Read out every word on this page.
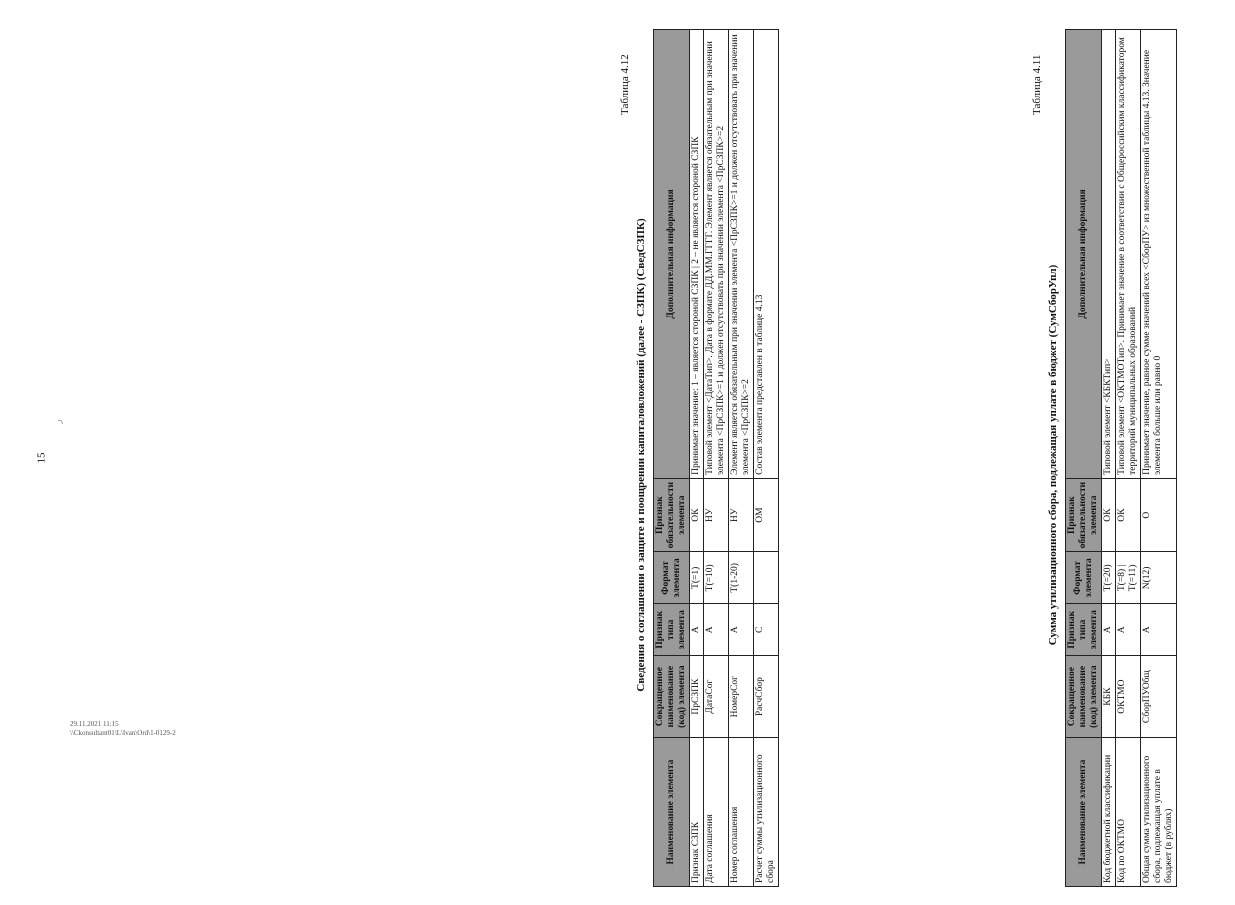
15
ر
29.11.2021 11:15
\\Ckonsultant01\L\Ivan\Ord\1-0129-2
Таблица 4.11
Сумма утилизационного сбора, подлежащая уплате в бюджет (СумСборУпл)
Наименование элемента	Сокращенное наименование (код) элемента	Признак типа элемента	Формат элемента	Признак обязательности элемента	Дополнительная информация
Код бюджетной классификации	КБК	А	T(=20)	ОК	Типовой элемент <КБКТип>
Код по ОКТМО	ОКТМО	А	T(=8) | T(=11)	ОК	Типовой элемент <ОКТМОТип>. Принимает значение в соответствии с Общероссийским классификатором территорий муниципальных образований
Общая сумма утилизационного сбора, подлежащая уплате в бюджет (в рублях)	СборПУОбщ	А	N(12)	О	Принимает значение, равное сумме значений всех <СборПУ> из множественной таблицы 4.13. Значение элемента больше или равно 0
Таблица 4.12
Сведения о соглашении о защите и поощрении капиталовложений (далее - СЗПК) (СведСЗПК)
Наименование элемента	Сокращенное наименование (код) элемента	Признак типа элемента	Формат элемента	Признак обязательности элемента	Дополнительная информация
Признак СЗПК	ПрСЗПК	А	T(=1)	ОК	Принимает значение: 1 – является стороной СЗПК | 2 – не является стороной СЗПК
Дата соглашения	ДатаСог	А	T(=10)	НУ	Типовой элемент <ДатаТип>. Дата в формате ДД.ММ.ГГГГ. Элемент является обязательным при значении элемента <ПрСЗПК>=1 и должен отсутствовать при значении элемента <ПрСЗПК>=2
Номер соглашения	НомерСог	А	T(1-20)	НУ	Элемент является обязательным при значении элемента <ПрСЗПК>=1 и должен отсутствовать при значении элемента <ПрСЗПК>=2
Расчет суммы утилизационного сбора	РасчСбор	С		ОМ	Состав элемента представлен в таблице 4.13
